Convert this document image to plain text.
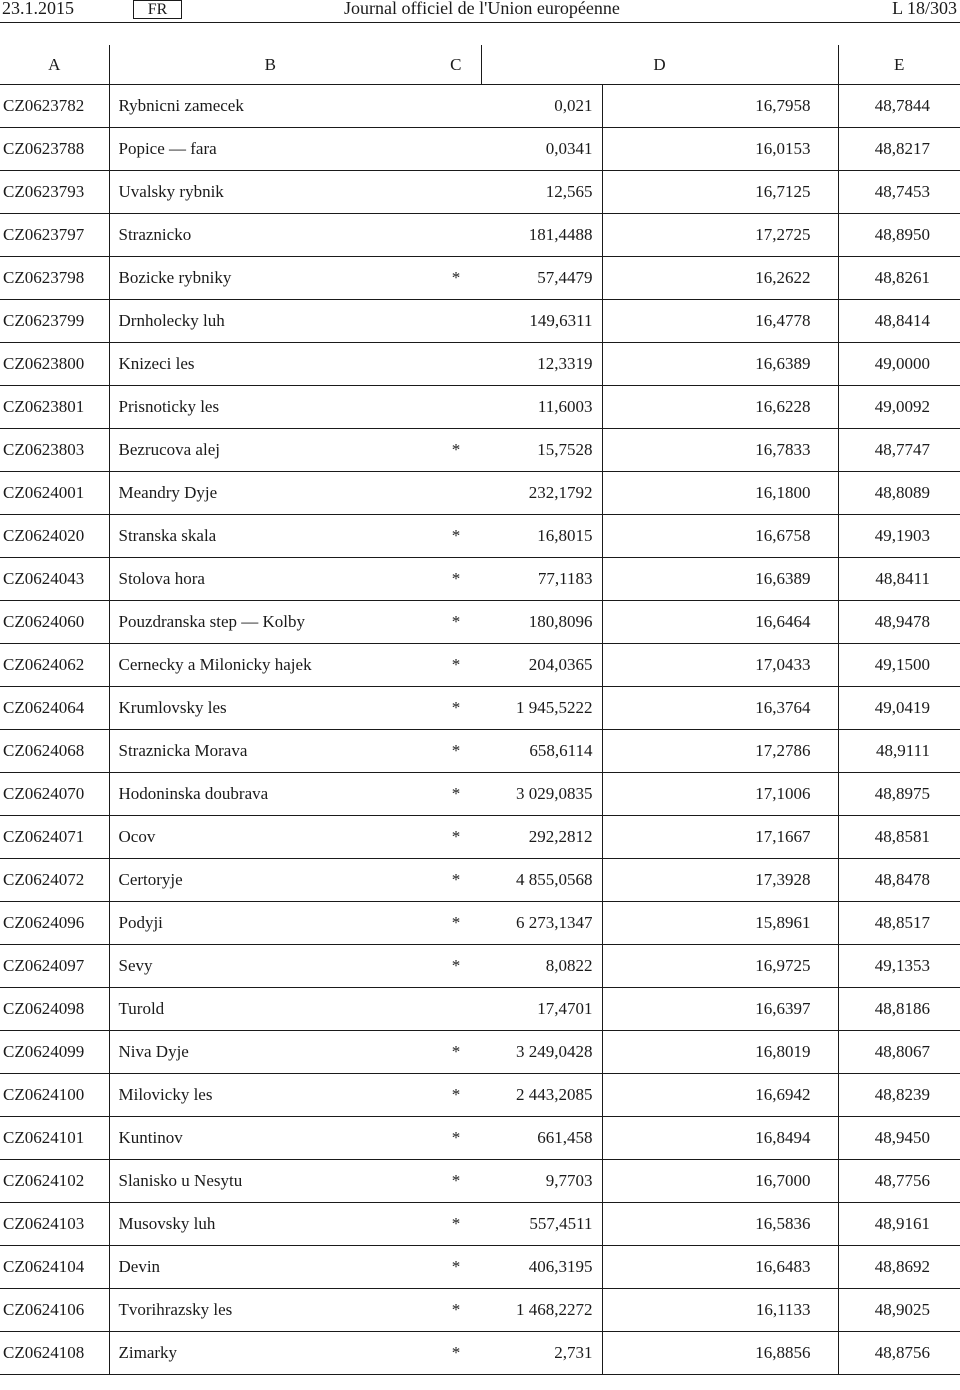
23.1.2015	FR	Journal officiel de l'Union européenne	L 18/303
A	B	C	D		E
CZ0623782	Rybnicni zamecek		0,021	16,7958	48,7844
CZ0623788	Popice — fara		0,0341	16,0153	48,8217
CZ0623793	Uvalsky rybnik		12,565	16,7125	48,7453
CZ0623797	Straznicko		181,4488	17,2725	48,8950
CZ0623798	Bozicke rybniky	*	57,4479	16,2622	48,8261
CZ0623799	Drnholecky luh		149,6311	16,4778	48,8414
CZ0623800	Knizeci les		12,3319	16,6389	49,0000
CZ0623801	Prisnoticky les		11,6003	16,6228	49,0092
CZ0623803	Bezrucova alej	*	15,7528	16,7833	48,7747
CZ0624001	Meandry Dyje		232,1792	16,1800	48,8089
CZ0624020	Stranska skala	*	16,8015	16,6758	49,1903
CZ0624043	Stolova hora	*	77,1183	16,6389	48,8411
CZ0624060	Pouzdranska step — Kolby	*	180,8096	16,6464	48,9478
CZ0624062	Cernecky a Milonicky hajek	*	204,0365	17,0433	49,1500
CZ0624064	Krumlovsky les	*	1 945,5222	16,3764	49,0419
CZ0624068	Straznicka Morava	*	658,6114	17,2786	48,9111
CZ0624070	Hodoninska doubrava	*	3 029,0835	17,1006	48,8975
CZ0624071	Ocov	*	292,2812	17,1667	48,8581
CZ0624072	Certoryje	*	4 855,0568	17,3928	48,8478
CZ0624096	Podyji	*	6 273,1347	15,8961	48,8517
CZ0624097	Sevy	*	8,0822	16,9725	49,1353
CZ0624098	Turold		17,4701	16,6397	48,8186
CZ0624099	Niva Dyje	*	3 249,0428	16,8019	48,8067
CZ0624100	Milovicky les	*	2 443,2085	16,6942	48,8239
CZ0624101	Kuntinov	*	661,458	16,8494	48,9450
CZ0624102	Slanisko u Nesytu	*	9,7703	16,7000	48,7756
CZ0624103	Musovsky luh	*	557,4511	16,5836	48,9161
CZ0624104	Devin	*	406,3195	16,6483	48,8692
CZ0624106	Tvorihrazsky les	*	1 468,2272	16,1133	48,9025
CZ0624108	Zimarky	*	2,731	16,8856	48,8756
